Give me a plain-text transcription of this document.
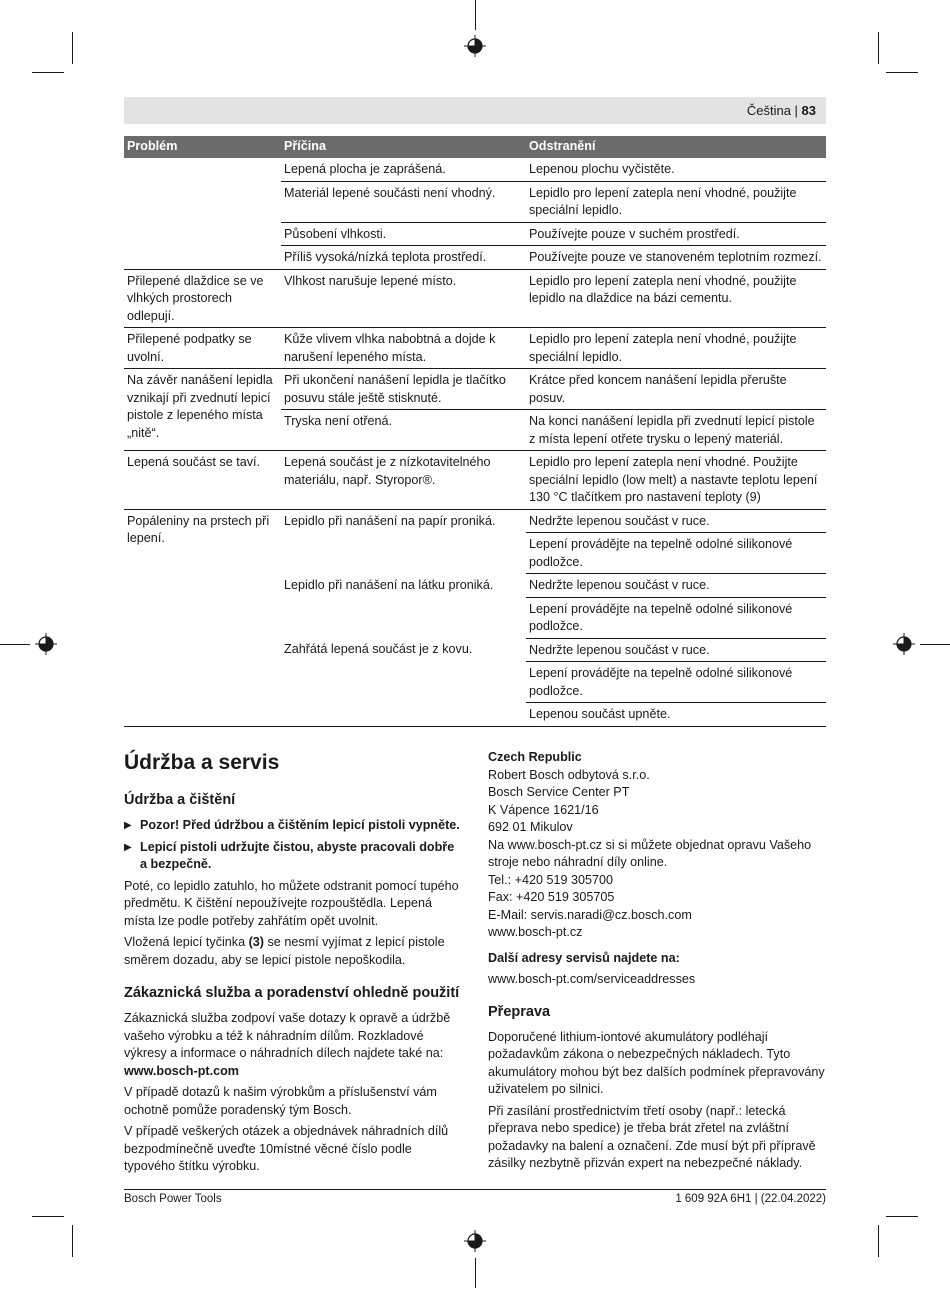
Čeština | 83
Problém	Příčina	Odstranění
	Lepená plocha je zaprášená.	Lepenou plochu vyčistěte.
	Materiál lepené součásti není vhodný.	Lepidlo pro lepení zatepla není vhodné, použijte speciální lepidlo.
	Působení vlhkosti.	Používejte pouze v suchém prostředí.
	Příliš vysoká/nízká teplota prostředí.	Používejte pouze ve stanoveném teplotním rozmezí.
Přilepené dlaždice se ve vlhkých prostorech odlepují.	Vlhkost narušuje lepené místo.	Lepidlo pro lepení zatepla není vhodné, použijte lepidlo na dlaždice na bázi cementu.
Přilepené podpatky se uvolní.	Kůže vlivem vlhka nabobtná a dojde k narušení lepeného místa.	Lepidlo pro lepení zatepla není vhodné, použijte speciální lepidlo.
Na závěr nanášení lepidla vznikají při zvednutí lepicí pistole z lepeného místa „nitě“.	Při ukončení nanášení lepidla je tlačítko posuvu stále ještě stisknuté.	Krátce před koncem nanášení lepidla přerušte posuv.
	Tryska není otřená.	Na konci nanášení lepidla při zvednutí lepicí pistole z místa lepení otřete trysku o lepený materiál.
Lepená součást se taví.	Lepená součást je z nízkotavitelného materiálu, např. Styropor®.	Lepidlo pro lepení zatepla není vhodné. Použijte speciální lepidlo (low melt) a nastavte teplotu lepení 130 °C tlačítkem pro nastavení teploty (9)
Popáleniny na prstech při lepení.	Lepidlo při nanášení na papír proniká.	Nedržte lepenou součást v ruce.
		Lepení provádějte na tepelně odolné silikonové podložce.
	Lepidlo při nanášení na látku proniká.	Nedržte lepenou součást v ruce.
		Lepení provádějte na tepelně odolné silikonové podložce.
	Zahřátá lepená součást je z kovu.	Nedržte lepenou součást v ruce.
		Lepení provádějte na tepelně odolné silikonové podložce.
		Lepenou součást upněte.
Údržba a servis
Údržba a čištění
▶ Pozor! Před údržbou a čištěním lepicí pistoli vypněte.
▶ Lepicí pistoli udržujte čistou, abyste pracovali dobře a bezpečně.
Poté, co lepidlo zatuhlo, ho můžete odstranit pomocí tupého předmětu. K čištění nepoužívejte rozpouštědla. Lepená místa lze podle potřeby zahřátím opět uvolnit.
Vložená lepicí tyčinka (3) se nesmí vyjímat z lepicí pistole směrem dozadu, aby se lepicí pistole nepoškodila.
Zákaznická služba a poradenství ohledně použití
Zákaznická služba zodpoví vaše dotazy k opravě a údržbě vašeho výrobku a též k náhradním dílům. Rozkladové výkresy a informace o náhradních dílech najdete také na:
www.bosch-pt.com
V případě dotazů k našim výrobkům a příslušenství vám ochotně pomůže poradenský tým Bosch.
V případě veškerých otázek a objednávek náhradních dílů bezpodmínečně uveďte 10místné věcné číslo podle typového štítku výrobku.
Czech Republic
Robert Bosch odbytová s.r.o.
Bosch Service Center PT
K Vápence 1621/16
692 01 Mikulov
Na www.bosch-pt.cz si si můžete objednat opravu Vašeho stroje nebo náhradní díly online.
Tel.: +420 519 305700
Fax: +420 519 305705
E-Mail: servis.naradi@cz.bosch.com
www.bosch-pt.cz
Další adresy servisů najdete na:
www.bosch-pt.com/serviceaddresses
Přeprava
Doporučené lithium-iontové akumulátory podléhají požadavkům zákona o nebezpečných nákladech. Tyto akumulátory mohou být bez dalších podmínek přepravovány uživatelem po silnici.
Při zasílání prostřednictvím třetí osoby (např.: letecká přeprava nebo spedice) je třeba brát zřetel na zvláštní požadavky na balení a označení. Zde musí být při přípravě zásilky nezbytně přizván expert na nebezpečné náklady.
Bosch Power Tools	1 609 92A 6H1 | (22.04.2022)
